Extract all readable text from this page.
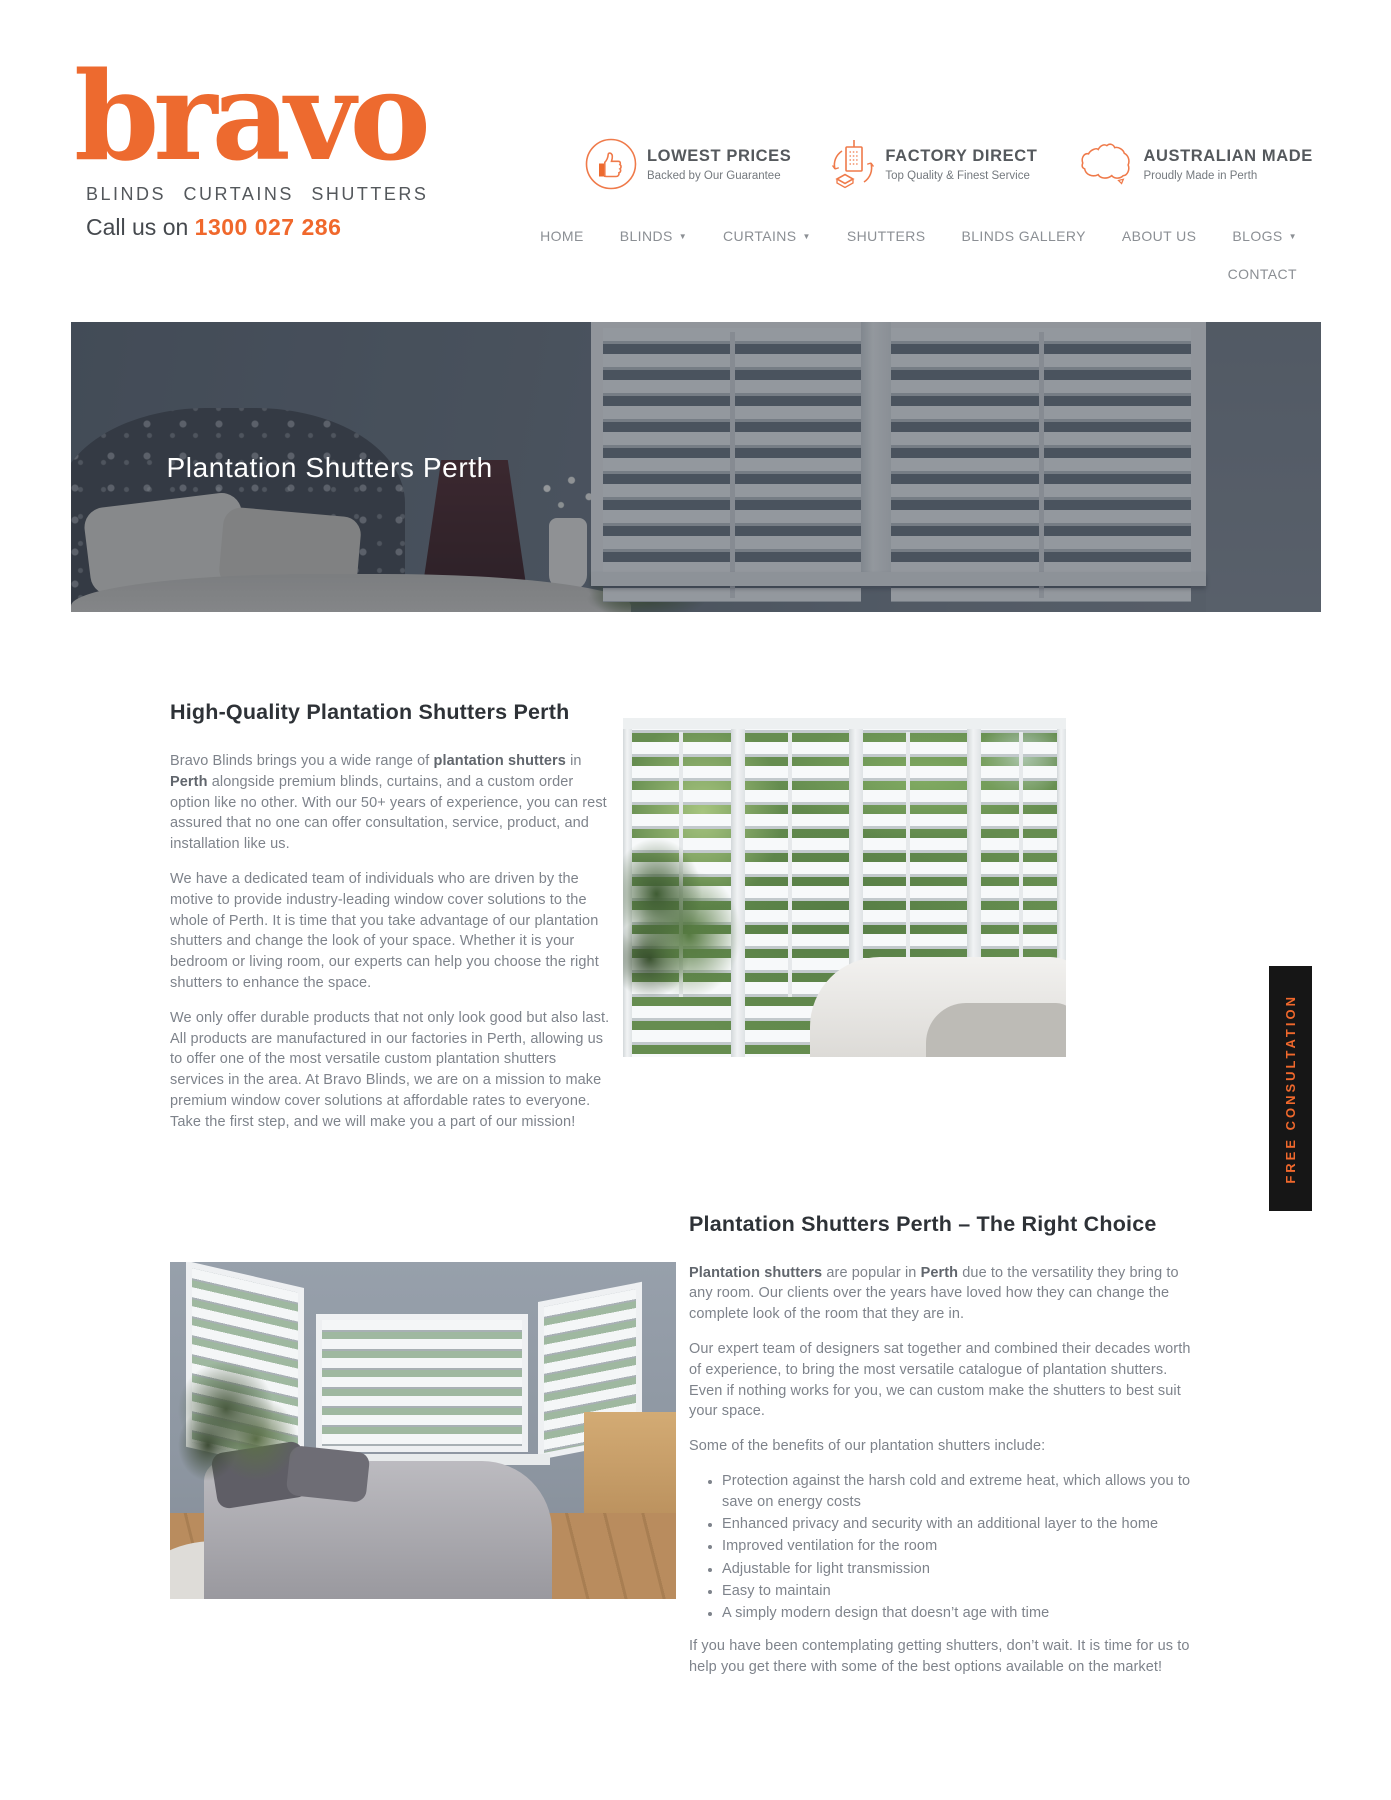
bravo
BLINDS CURTAINS SHUTTERS
Call us on 1300 027 286
LOWEST PRICES
Backed by Our Guarantee
FACTORY DIRECT
Top Quality & Finest Service
AUSTRALIAN MADE
Proudly Made in Perth
HOME	BLINDS ▼	CURTAINS ▼	SHUTTERS	BLINDS GALLERY	ABOUT US	BLOGS ▼
CONTACT
Plantation Shutters Perth
High-Quality Plantation Shutters Perth

Bravo Blinds brings you a wide range of plantation shutters in Perth alongside premium blinds, curtains, and a custom order option like no other. With our 50+ years of experience, you can rest assured that no one can offer consultation, service, product, and installation like us.

We have a dedicated team of individuals who are driven by the motive to provide industry-leading window cover solutions to the whole of Perth. It is time that you take advantage of our plantation shutters and change the look of your space. Whether it is your bedroom or living room, our experts can help you choose the right shutters to enhance the space.

We only offer durable products that not only look good but also last. All products are manufactured in our factories in Perth, allowing us to offer one of the most versatile custom plantation shutters services in the area. At Bravo Blinds, we are on a mission to make premium window cover solutions at affordable rates to everyone. Take the first step, and we will make you a part of our mission!

Plantation Shutters Perth – The Right Choice

Plantation shutters are popular in Perth due to the versatility they bring to any room. Our clients over the years have loved how they can change the complete look of the room that they are in.

Our expert team of designers sat together and combined their decades worth of experience, to bring the most versatile catalogue of plantation shutters. Even if nothing works for you, we can custom make the shutters to best suit your space.

Some of the benefits of our plantation shutters include:

• Protection against the harsh cold and extreme heat, which allows you to save on energy costs
• Enhanced privacy and security with an additional layer to the home
• Improved ventilation for the room
• Adjustable for light transmission
• Easy to maintain
• A simply modern design that doesn’t age with time

If you have been contemplating getting shutters, don’t wait. It is time for us to help you get there with some of the best options available on the market!

FREE CONSULTATION
